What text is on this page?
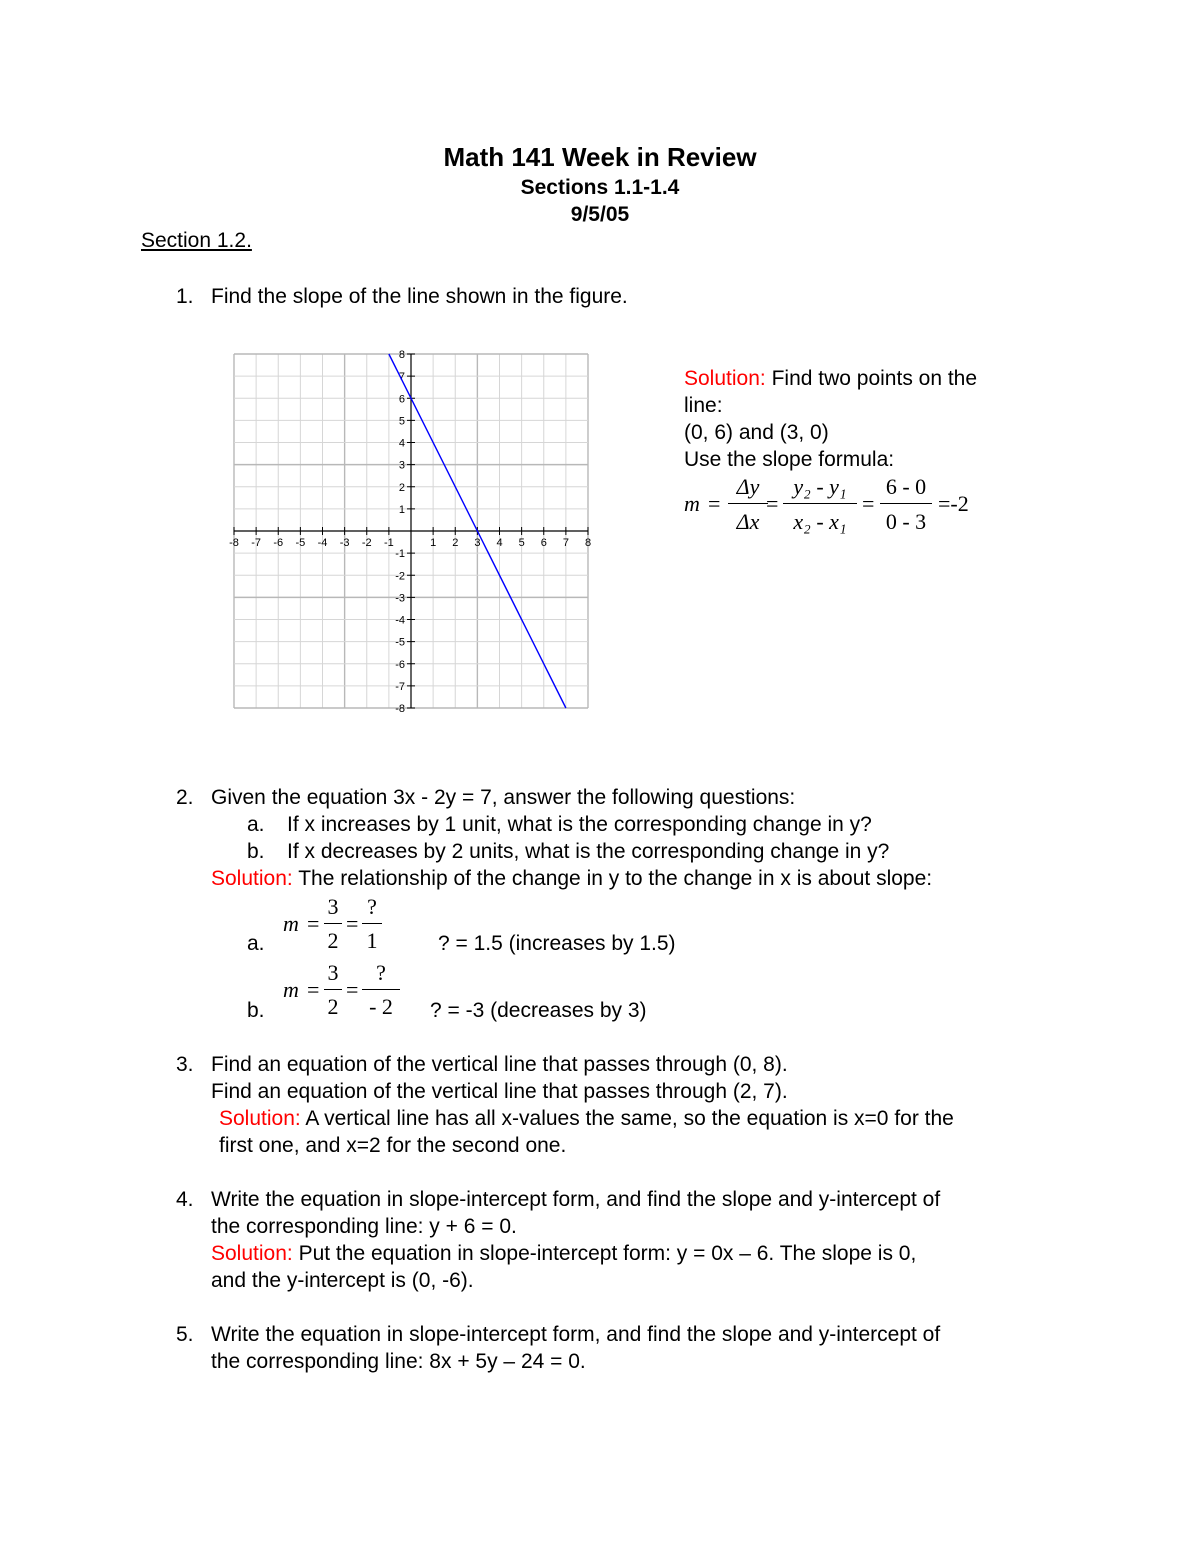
Math 141 Week in Review
Sections 1.1-1.4
9/5/05
Section 1.2.
1. Find the slope of the line shown in the figure.
-8 -7 -6 -5 -4 -3 -2 -1	1 2 3 4 5 6 7 8
8
7
6
5
4
3
2
1
-1
-2
-3
-4
-5
-6
-7
-8
Solution: Find two points on the
line:
(0, 6) and (3, 0)
Use the slope formula:
m =
Δy
Δx
=
y₂ - y₁
x₂ - x₁
=
6 - 0
0 - 3
=-2
2. Given the equation 3x - 2y = 7, answer the following questions:
a. If x increases by 1 unit, what is the corresponding change in y?
b. If x decreases by 2 units, what is the corresponding change in y?
Solution: The relationship of the change in y to the change in x is about slope:
a.
m =
3
2
=
?
1	? = 1.5 (increases by 1.5)
b.
m =
3
2
=
?
- 2	? = -3 (decreases by 3)
3. Find an equation of the vertical line that passes through (0, 8).
Find an equation of the vertical line that passes through (2, 7).
Solution: A vertical line has all x-values the same, so the equation is x=0 for the
first one, and x=2 for the second one.
4. Write the equation in slope-intercept form, and find the slope and y-intercept of
the corresponding line: y + 6 = 0.
Solution: Put the equation in slope-intercept form: y = 0x – 6. The slope is 0,
and the y-intercept is (0, -6).
5. Write the equation in slope-intercept form, and find the slope and y-intercept of
the corresponding line: 8x + 5y – 24 = 0.
